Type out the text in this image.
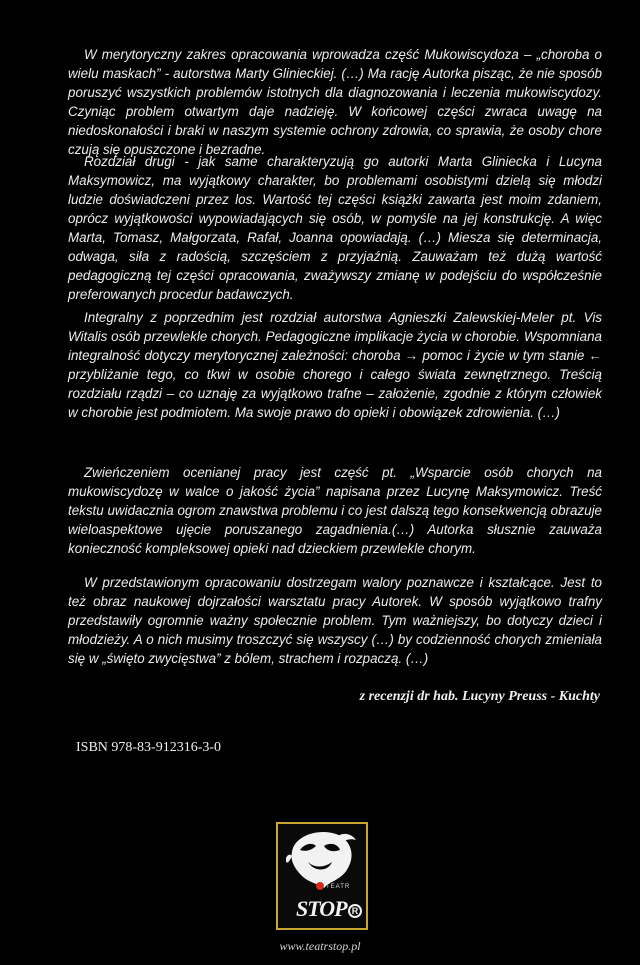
W merytoryczny zakres opracowania wprowadza część Mukowiscydoza – „choroba o wielu maskach” - autorstwa Marty Glinieckiej. (…) Ma rację Autorka pisząc, że nie sposób poruszyć wszystkich problemów istotnych dla diagnozowania i leczenia mukowiscydozy. Czyniąc problem otwartym daje nadzieję. W końcowej części zwraca uwagę na niedoskonałości i braki w naszym systemie ochrony zdrowia, co sprawia, że osoby chore czują się opuszczone i bezradne.

Rozdział drugi - jak same charakteryzują go autorki Marta Gliniecka i Lucyna Maksymowicz, ma wyjątkowy charakter, bo problemami osobistymi dzielą się młodzi ludzie doświadczeni przez los. Wartość tej części książki zawarta jest moim zdaniem, oprócz wyjątkowości wypowiadających się osób, w pomyśle na jej konstrukcję. A więc Marta, Tomasz, Małgorzata, Rafał, Joanna opowiadają. (…) Miesza się determinacja, odwaga, siła z radością, szczęściem z przyjaźnią. Zauważam też dużą wartość pedagogiczną tej części opracowania, zważywszy zmianę w podejściu do współcześnie preferowanych procedur badawczych.

Integralny z poprzednim jest rozdział autorstwa Agnieszki Zalewskiej-Meler pt. Vis Witalis osób przewlekle chorych. Pedagogiczne implikacje życia w chorobie. Wspomniana integralność dotyczy merytorycznej zależności: choroba → pomoc i życie w tym stanie ← przybliżanie tego, co tkwi w osobie chorego i całego świata zewnętrznego. Treścią rozdziału rządzi – co uznaję za wyjątkowo trafne – założenie, zgodnie z którym człowiek w chorobie jest podmiotem. Ma swoje prawo do opieki i obowiązek zdrowienia. (…)

Zwieńczeniem ocenianej pracy jest część pt. „Wsparcie osób chorych na mukowiscydozę w walce o jakość życia” napisana przez Lucynę Maksymowicz. Treść tekstu uwidacznia ogrom znawstwa problemu i co jest dalszą tego konsekwencją obrazuje wieloaspektowe ujęcie poruszanego zagadnienia.(…) Autorka słusznie zauważa konieczność kompleksowej opieki nad dzieckiem przewlekle chorym.

W przedstawionym opracowaniu dostrzegam walory poznawcze i kształcące. Jest to też obraz naukowej dojrzałości warsztatu pracy Autorek. W sposób wyjątkowo trafny przedstawiły ogromnie ważny społecznie problem. Tym ważniejszy, bo dotyczy dzieci i młodzieży. A o nich musimy troszczyć się wszyscy (…) by codzienność chorych zmieniała się w „święto zwycięstwa” z bólem, strachem i rozpaczą. (…)

z recenzji dr hab. Lucyny Preuss - Kuchty
ISBN 978-83-912316-3-0
TEATR
STOP R
www.teatrstop.pl
